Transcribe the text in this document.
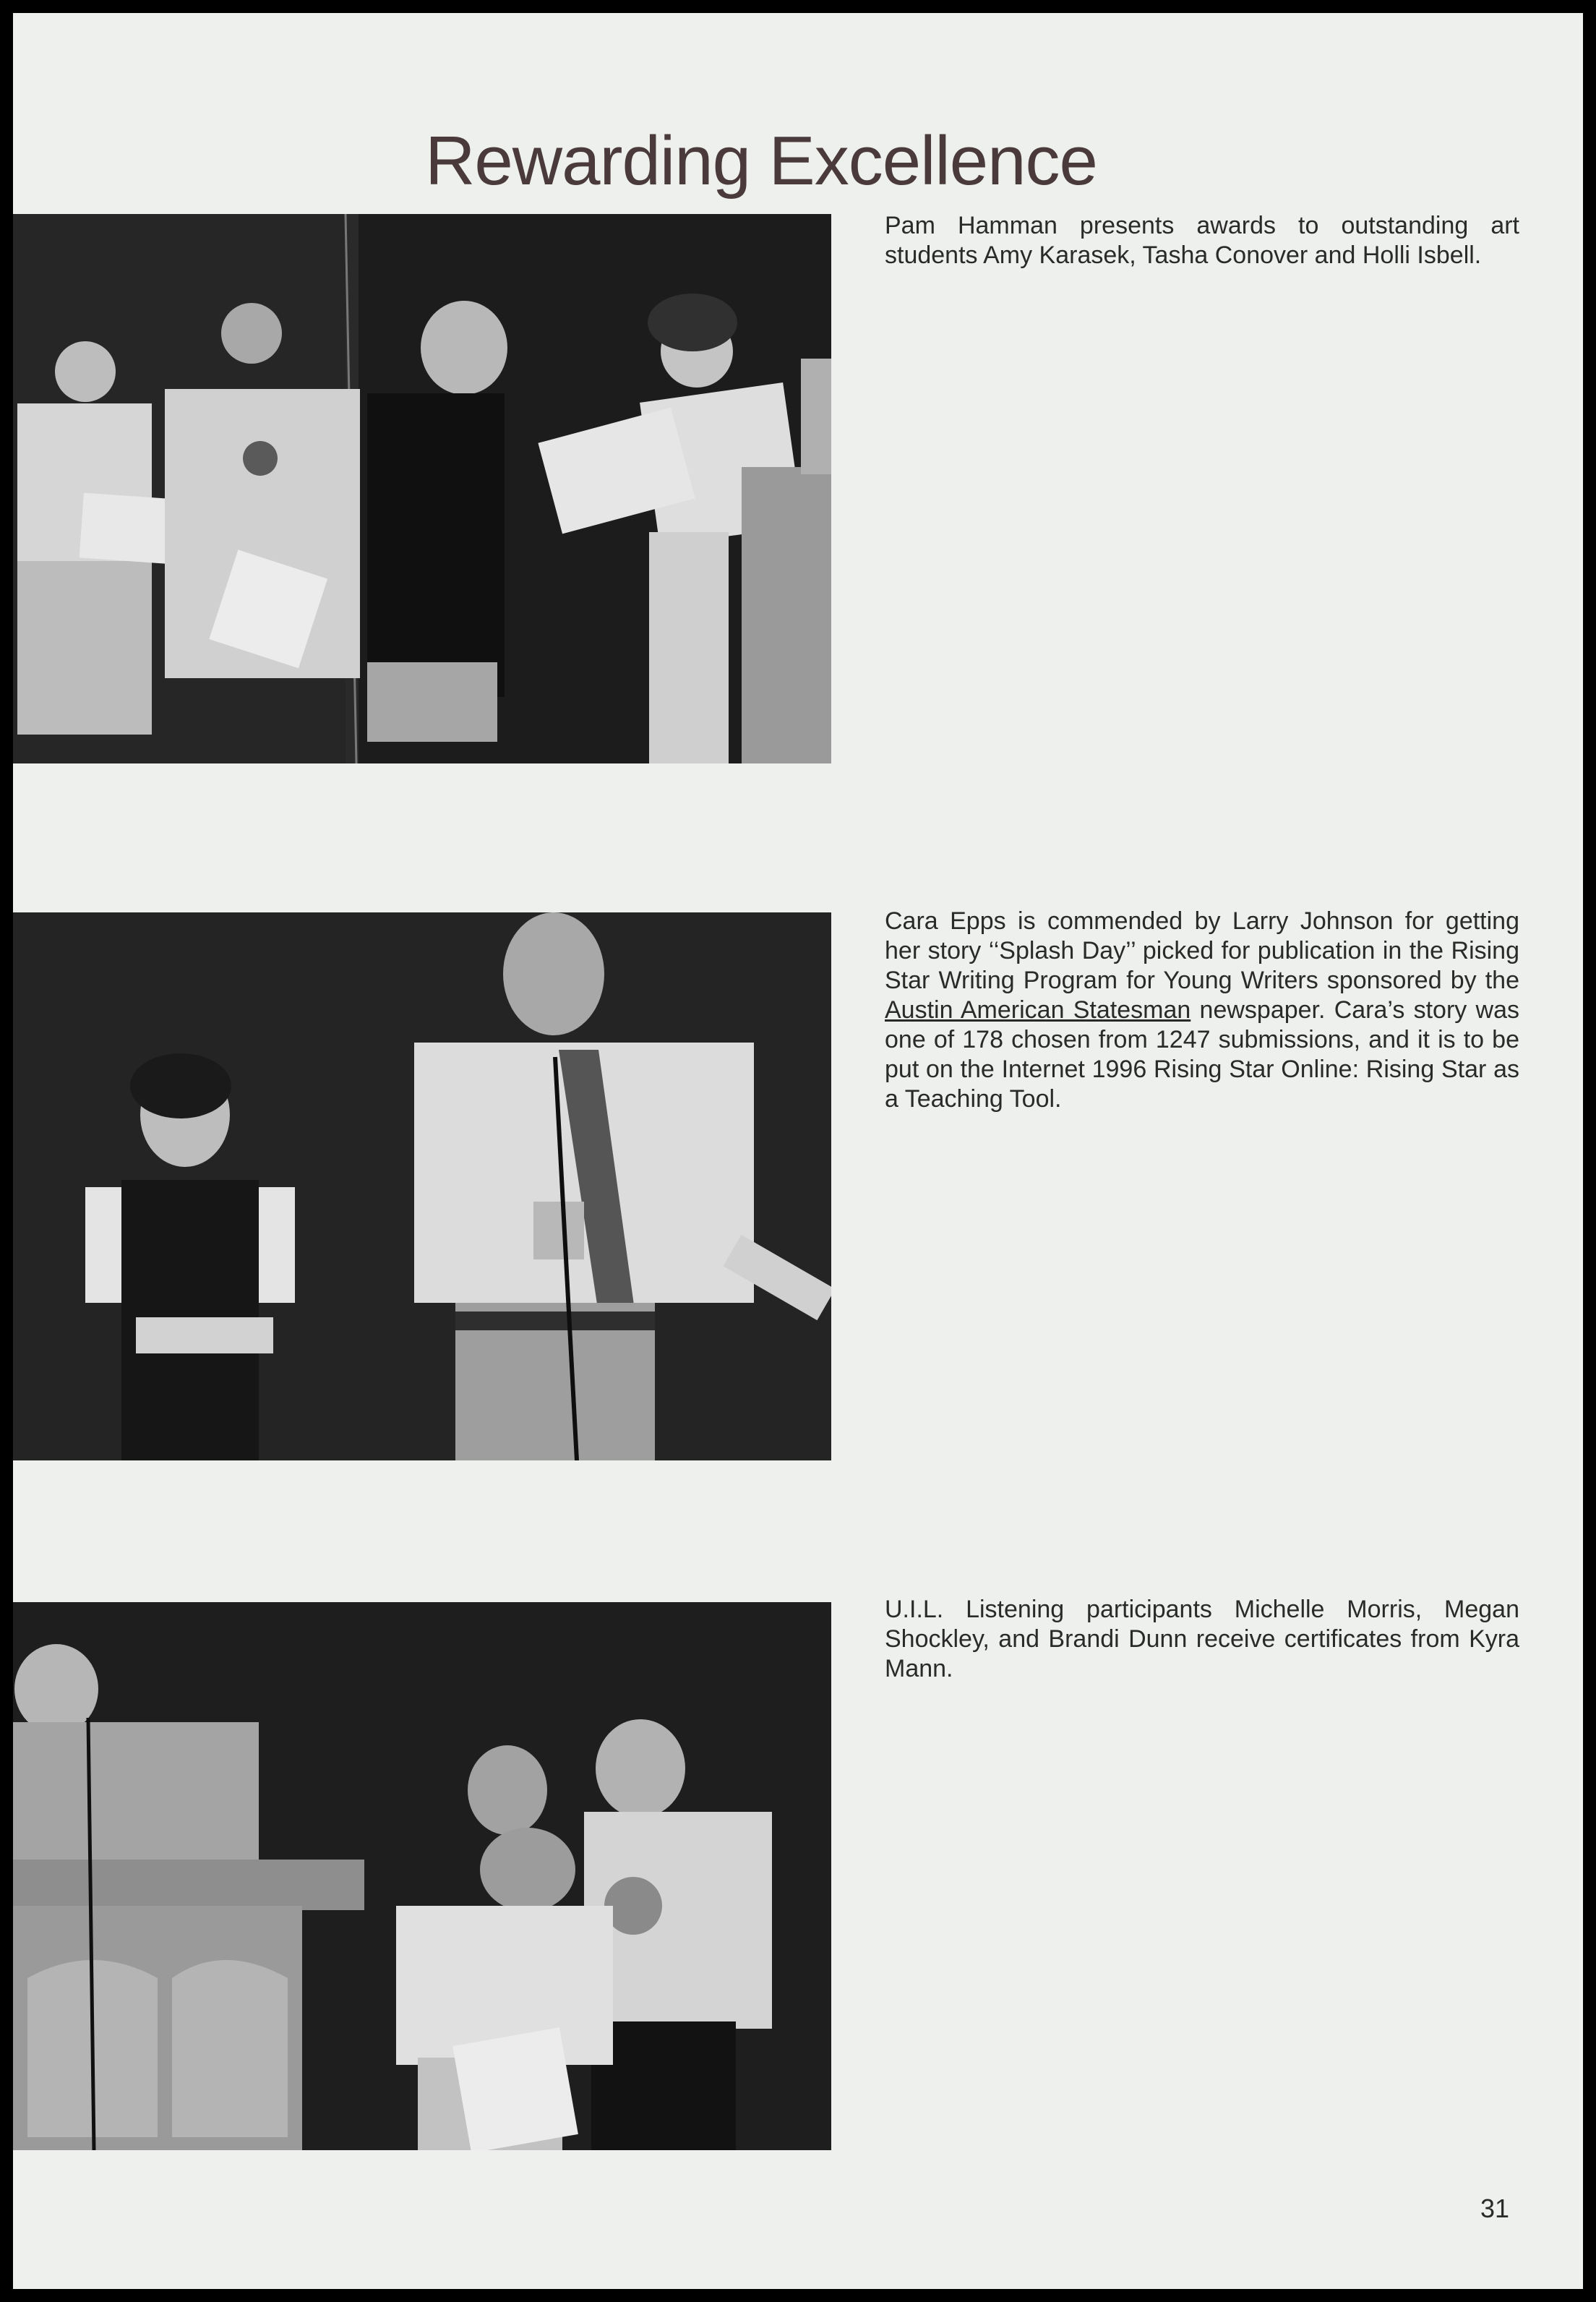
Rewarding Excellence

Pam Hamman presents awards to outstanding art students Amy Karasek, Tasha Conover and Holli Isbell.

Cara Epps is commended by Larry Johnson for getting her story ‘‘Splash Day’’ picked for publication in the Rising Star Writing Program for Young Writers sponsored by the Austin American Statesman newspaper. Cara’s story was one of 178 chosen from 1247 submissions, and it is to be put on the Internet 1996 Rising Star Online: Rising Star as a Teaching Tool.

U.I.L. Listening participants Michelle Morris, Megan Shockley, and Brandi Dunn receive certificates from Kyra Mann.

31
